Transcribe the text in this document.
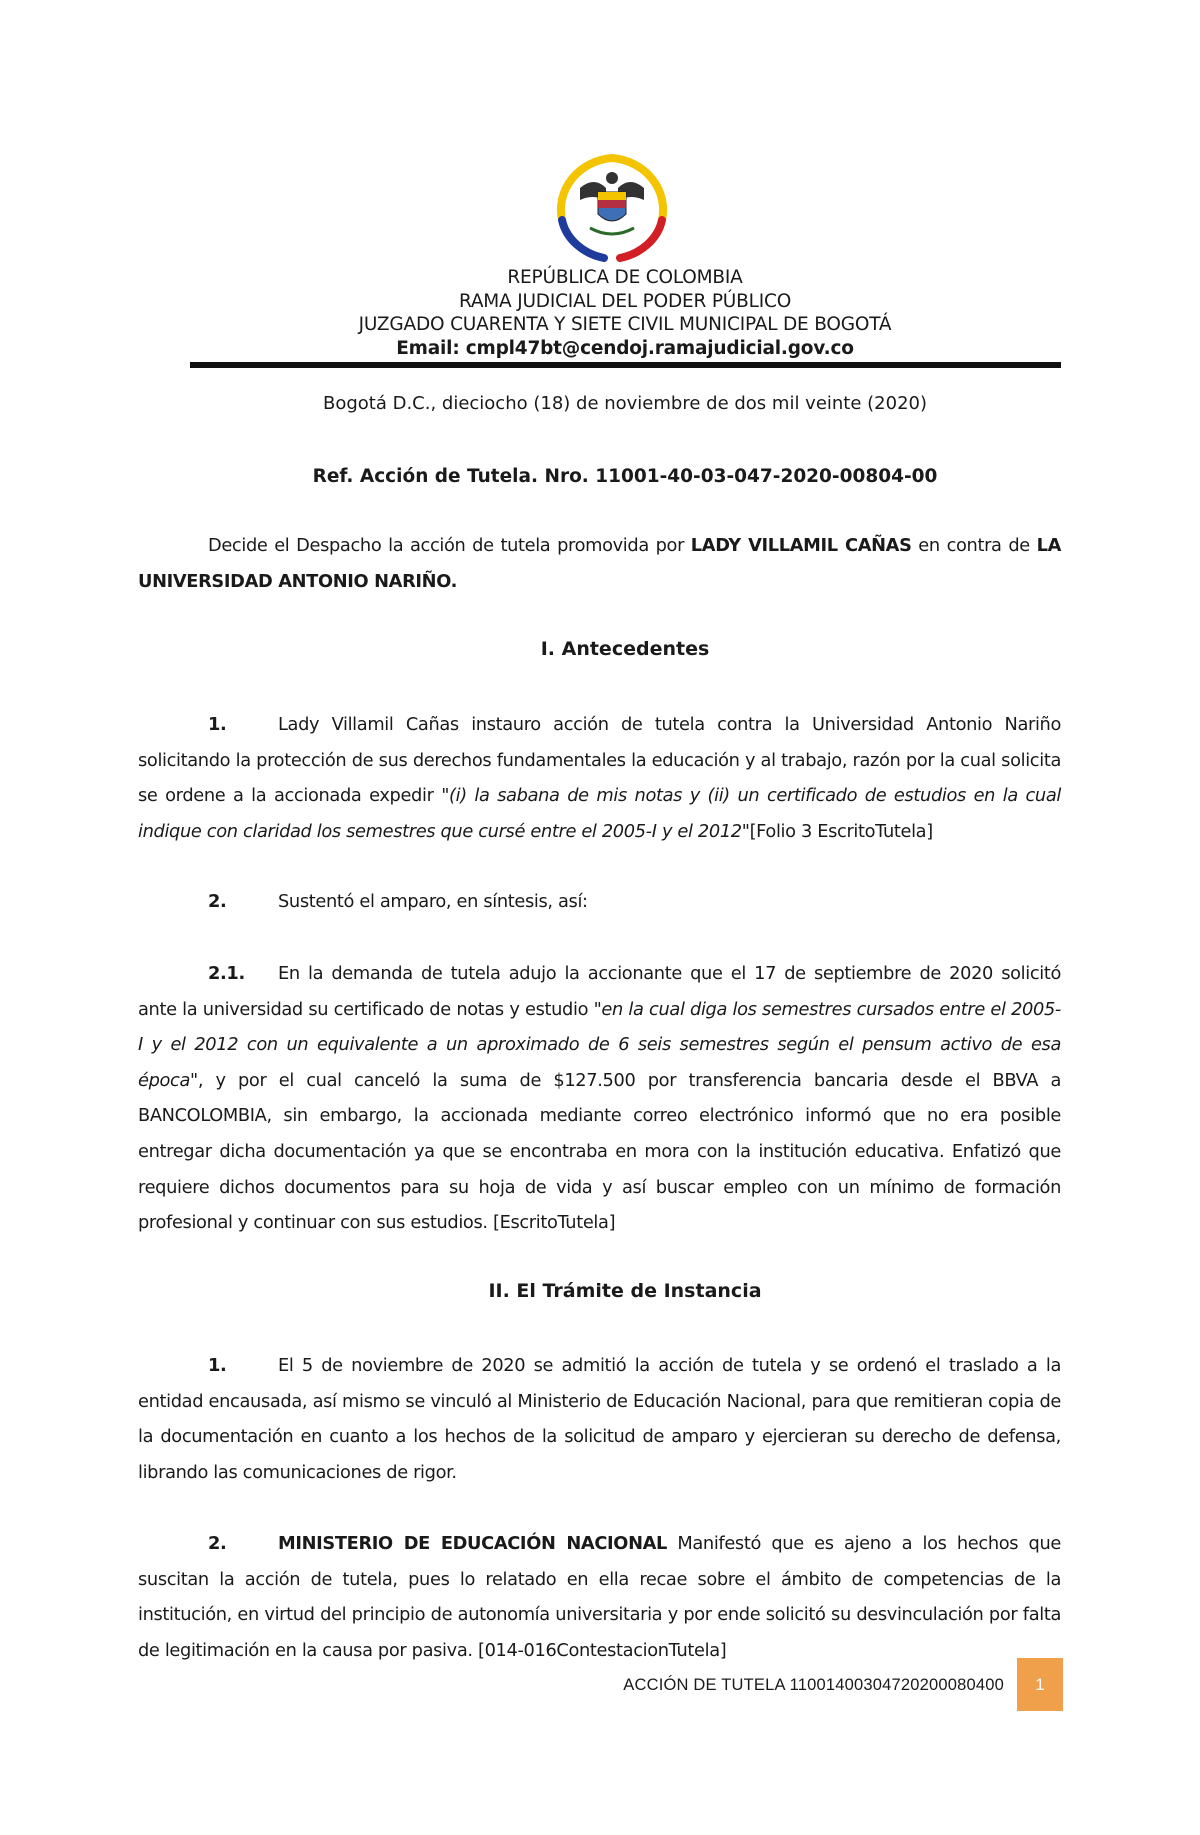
REPÚBLICA DE COLOMBIA
RAMA JUDICIAL DEL PODER PÚBLICO
JUZGADO CUARENTA Y SIETE CIVIL MUNICIPAL DE BOGOTÁ
Email: cmpl47bt@cendoj.ramajudicial.gov.co
Bogotá D.C., dieciocho (18) de noviembre de dos mil veinte (2020)
Ref. Acción de Tutela. Nro. 11001-40-03-047-2020-00804-00
Decide el Despacho la acción de tutela promovida por LADY VILLAMIL CAÑAS en contra de LA UNIVERSIDAD ANTONIO NARIÑO.
I. Antecedentes
1.	Lady Villamil Cañas instauro acción de tutela contra la Universidad Antonio Nariño solicitando la protección de sus derechos fundamentales la educación y al trabajo, razón por la cual solicita se ordene a la accionada expedir "(i) la sabana de mis notas y (ii) un certificado de estudios en la cual indique con claridad los semestres que cursé entre el 2005-I y el 2012"[Folio 3 EscritoTutela]
2.	Sustentó el amparo, en síntesis, así:
2.1. En la demanda de tutela adujo la accionante que el 17 de septiembre de 2020 solicitó ante la universidad su certificado de notas y estudio "en la cual diga los semestres cursados entre el 2005-I y el 2012 con un equivalente a un aproximado de 6 seis semestres según el pensum activo de esa época", y por el cual canceló la suma de $127.500 por transferencia bancaria desde el BBVA a BANCOLOMBIA, sin embargo, la accionada mediante correo electrónico informó que no era posible entregar dicha documentación ya que se encontraba en mora con la institución educativa. Enfatizó que requiere dichos documentos para su hoja de vida y así buscar empleo con un mínimo de formación profesional y continuar con sus estudios. [EscritoTutela]
II. El Trámite de Instancia
1.	El 5 de noviembre de 2020 se admitió la acción de tutela y se ordenó el traslado a la entidad encausada, así mismo se vinculó al Ministerio de Educación Nacional, para que remitieran copia de la documentación en cuanto a los hechos de la solicitud de amparo y ejercieran su derecho de defensa, librando las comunicaciones de rigor.
2.	MINISTERIO DE EDUCACIÓN NACIONAL Manifestó que es ajeno a los hechos que suscitan la acción de tutela, pues lo relatado en ella recae sobre el ámbito de competencias de la institución, en virtud del principio de autonomía universitaria y por ende solicitó su desvinculación por falta de legitimación en la causa por pasiva. [014-016ContestacionTutela]
ACCIÓN DE TUTELA 11001400304720200080400	1
